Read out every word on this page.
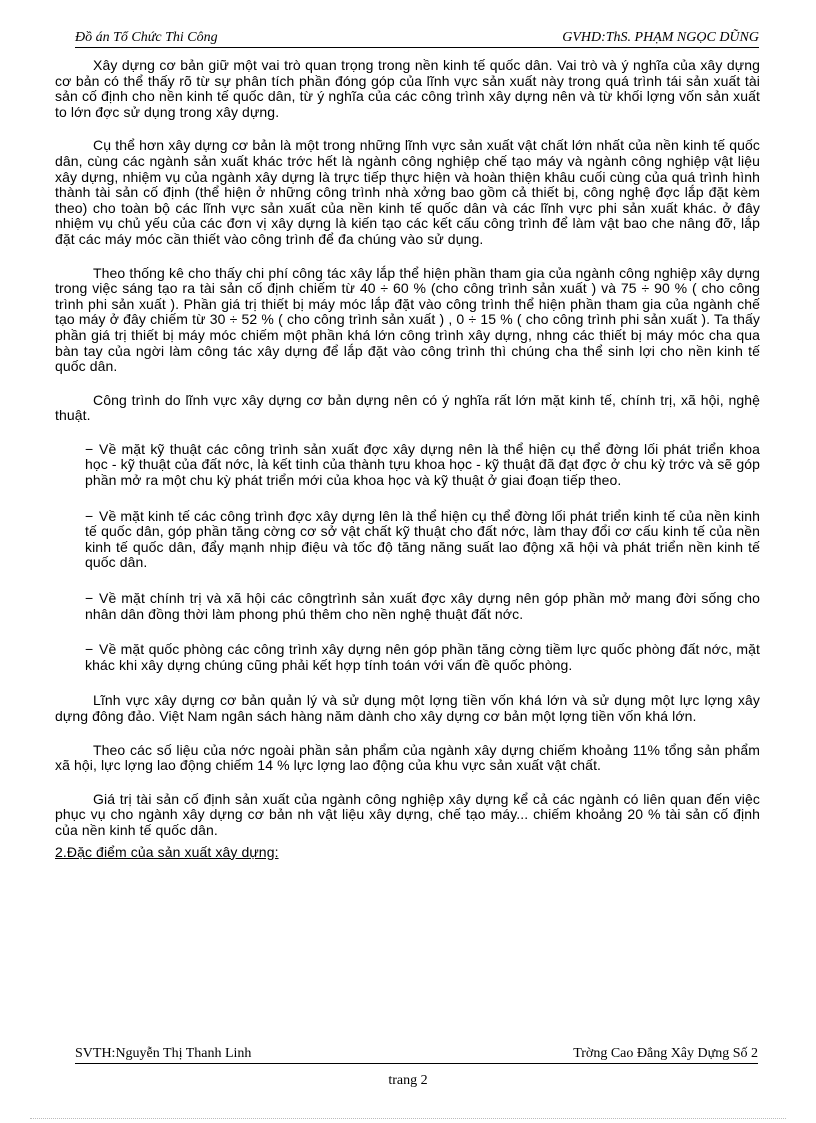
Đồ án Tổ Chức Thi Công	GVHD:ThS. PHẠM NGỌC DŨNG

Xây dựng cơ bản giữ một vai trò quan trọng trong nền kinh tế quốc dân. Vai trò và ý nghĩa của xây dựng cơ bản có thể thấy rõ từ sự phân tích phần đóng góp của lĩnh vực sản xuất này trong quá trình tái sản xuất tài sản cố định cho nền kinh tế quốc dân, từ ý nghĩa của các công trình xây dựng nên và từ khối lợng vốn sản xuất to lớn đợc sử dụng trong xây dựng.

Cụ thể hơn xây dựng cơ bản là một trong những lĩnh vực sản xuất vật chất lớn nhất của nền kinh tế quốc dân, cùng các ngành sản xuất khác trớc hết là ngành công nghiệp chế tạo máy và ngành công nghiệp vật liệu xây dựng, nhiệm vụ của ngành xây dựng là trực tiếp thực hiện và hoàn thiện khâu cuối cùng của quá trình hình thành tài sản cố định (thể hiện ở những công trình nhà xởng bao gồm cả thiết bị, công nghệ đợc lắp đặt kèm theo) cho toàn bộ các lĩnh vực sản xuất của nền kinh tế quốc dân và các lĩnh vực phi sản xuất khác. ở đây nhiệm vụ chủ yếu của các đơn vị xây dựng là kiến tạo các kết cấu công trình để làm vật bao che nâng đỡ, lắp đặt các máy móc cần thiết vào công trình để đa chúng vào sử dụng.

Theo thống kê cho thấy chi phí công tác xây lắp thể hiện phần tham gia của ngành công nghiệp xây dựng trong việc sáng tạo ra tài sản cố định chiếm từ 40 ÷ 60 % (cho công trình sản xuất ) và 75 ÷ 90 % ( cho công trình phi sản xuất ). Phần giá trị thiết bị máy móc lắp đặt vào công trình thể hiện phần tham gia của ngành chế tạo máy ở đây chiếm từ 30 ÷ 52 % ( cho công trình sản xuất ) , 0 ÷ 15 % ( cho công trình phi sản xuất ). Ta thấy phần giá trị thiết bị máy móc chiếm một phần khá lớn công trình xây dựng, nhng các thiết bị máy móc cha qua bàn tay của ngời làm công tác xây dựng để lắp đặt vào công trình thì chúng cha thể sinh lợi cho nền kinh tế quốc dân.

Công trình do lĩnh vực xây dựng cơ bản dựng nên có ý nghĩa rất lớn mặt kinh tế, chính trị, xã hội, nghệ thuật.

− Về mặt kỹ thuật các công trình sản xuất đợc xây dựng nên là thể hiện cụ thể đờng lối phát triển khoa học - kỹ thuật của đất nớc, là kết tinh của thành tựu khoa học - kỹ thuật đã đạt đợc ở chu kỳ trớc và sẽ góp phần mở ra một chu kỳ phát triển mới của khoa học và kỹ thuật ở giai đoạn tiếp theo.

− Về mặt kinh tế các công trình đợc xây dựng lên là thể hiện cụ thể đờng lối phát triển kinh tế của nền kinh tế quốc dân, góp phần tăng cờng cơ sở vật chất kỹ thuật cho đất nớc, làm thay đổi cơ cấu kinh tế của nền kinh tế quốc dân, đẩy mạnh nhịp điệu và tốc độ tăng năng suất lao động xã hội và phát triển nền kinh tế quốc dân.

− Về mặt chính trị và xã hội các côngtrình sản xuất đợc xây dựng nên góp phần mở mang đời sống cho nhân dân đồng thời làm phong phú thêm cho nền nghệ thuật đất nớc.

− Về mặt quốc phòng các công trình xây dựng nên góp phần tăng cờng tiềm lực quốc phòng đất nớc, mặt khác khi xây dựng chúng cũng phải kết hợp tính toán với vấn đề quốc phòng.

Lĩnh vực xây dựng cơ bản quản lý và sử dụng một lợng tiền vốn khá lớn và sử dụng một lực lợng xây dựng đông đảo. Việt Nam ngân sách hàng năm dành cho xây dựng cơ bản một lợng tiền vốn khá lớn.

Theo các số liệu của nớc ngoài phần sản phẩm của ngành xây dựng chiếm khoảng 11% tổng sản phẩm xã hội, lực lợng lao động chiếm 14 % lực lợng lao động của khu vực sản xuất vật chất.

Giá trị tài sản cố định sản xuất của ngành công nghiệp xây dựng kể cả các ngành có liên quan đến việc phục vụ cho ngành xây dựng cơ bản nh vật liệu xây dựng, chế tạo máy... chiếm khoảng 20 % tài sản cố định của nền kinh tế quốc dân.

2.Đặc điểm của sản xuất xây dựng:
SVTH:Nguyễn Thị Thanh Linh	Trờng Cao Đẳng Xây Dựng Số 2
trang 2
